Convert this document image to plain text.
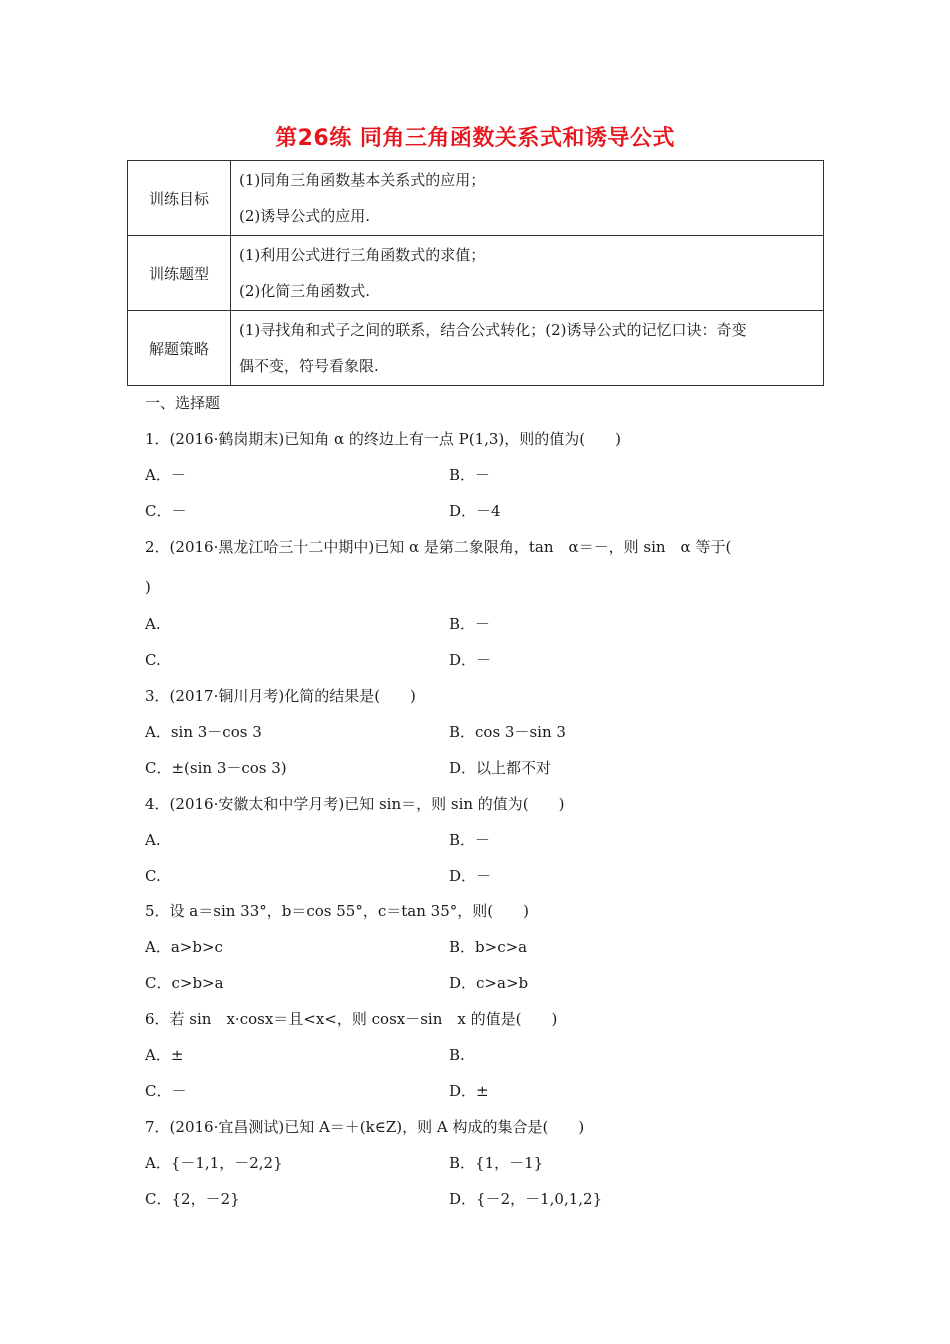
第26练 同角三角函数关系式和诱导公式
训练目标	(1)同角三角函数基本关系式的应用；
(2)诱导公式的应用.

训练题型	(1)利用公式进行三角函数式的求值；
(2)化简三角函数式.

解题策略	(1)寻找角和式子之间的联系，结合公式转化；(2)诱导公式的记忆口诀：奇变
偶不变，符号看象限.
一、选择题
1．(2016·鹤岗期末)已知角 α 的终边上有一点 P(1,3)，则的值为(　　)
A．－	B．－
C．－	D．－4
2．(2016·黑龙江哈三十二中期中)已知 α 是第二象限角，tan　α＝－，则 sin　α 等于(
)
A.	B．－
C.	D．－
3．(2017·铜川月考)化简的结果是(　　)
A．sin 3－cos 3	B．cos 3－sin 3
C．±(sin 3－cos 3)	D．以上都不对
4．(2016·安徽太和中学月考)已知 sin＝，则 sin 的值为(　　)
A.	B．－
C.	D．－
5．设 a＝sin 33°，b＝cos 55°，c＝tan 35°，则(　　)
A．a>b>c	B．b>c>a
C．c>b>a	D．c>a>b
6．若 sin　x·cosx＝且<x<，则 cosx－sin　x 的值是(　　)
A．±	B.
C．－	D．±
7．(2016·宜昌测试)已知 A＝＋(k∈Z)，则 A 构成的集合是(　　)
A．{－1,1，－2,2}	B．{1，－1}
C．{2，－2}	D．{－2，－1,0,1,2}
